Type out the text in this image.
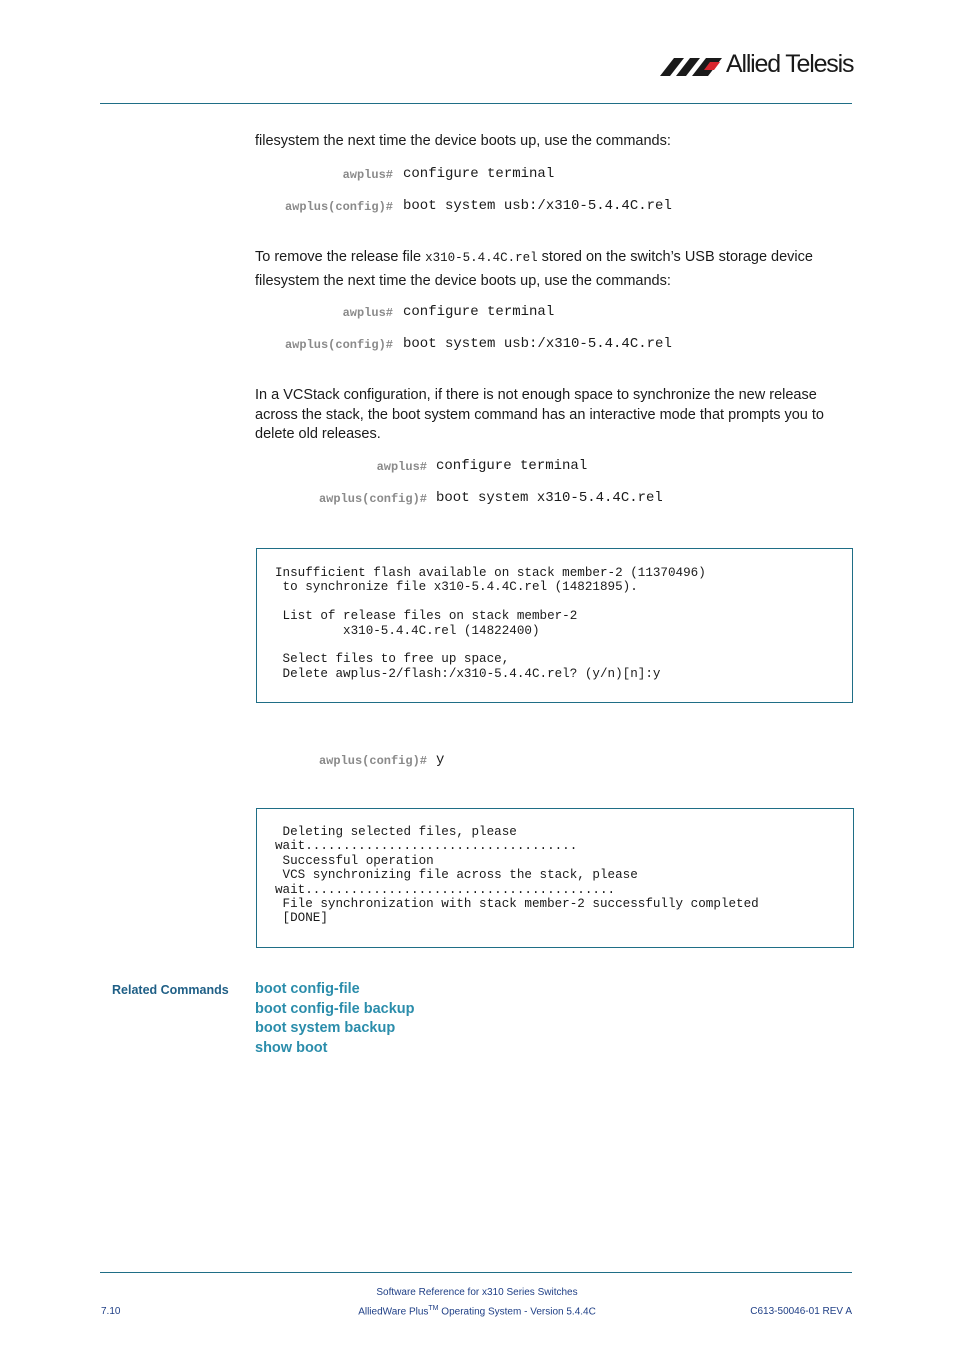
Allied Telesis
filesystem the next time the device boots up, use the commands:
awplus# configure terminal
awplus(config)# boot system usb:/x310-5.4.4C.rel
To remove the release file x310-5.4.4C.rel stored on the switch’s USB storage device
filesystem the next time the device boots up, use the commands:
awplus# configure terminal
awplus(config)# boot system usb:/x310-5.4.4C.rel
In a VCStack configuration, if there is not enough space to synchronize the new release
across the stack, the boot system command has an interactive mode that prompts you to
delete old releases.
awplus# configure terminal
awplus(config)# boot system x310-5.4.4C.rel
Insufficient flash available on stack member-2 (11370496)
to synchronize file x310-5.4.4C.rel (14821895).

List of release files on stack member-2
x310-5.4.4C.rel (14822400)

Select files to free up space,
Delete awplus-2/flash:/x310-5.4.4C.rel? (y/n)[n]:y
awplus(config)# y
Deleting selected files, please
wait....................................
Successful operation
VCS synchronizing file across the stack, please
wait.........................................
File synchronization with stack member-2 successfully completed
[DONE]
Related Commands boot config-file
boot config-file backup
boot system backup
show boot
Software Reference for x310 Series Switches
AlliedWare Plus™ Operating System - Version 5.4.4C
7.10	C613-50046-01 REV A
